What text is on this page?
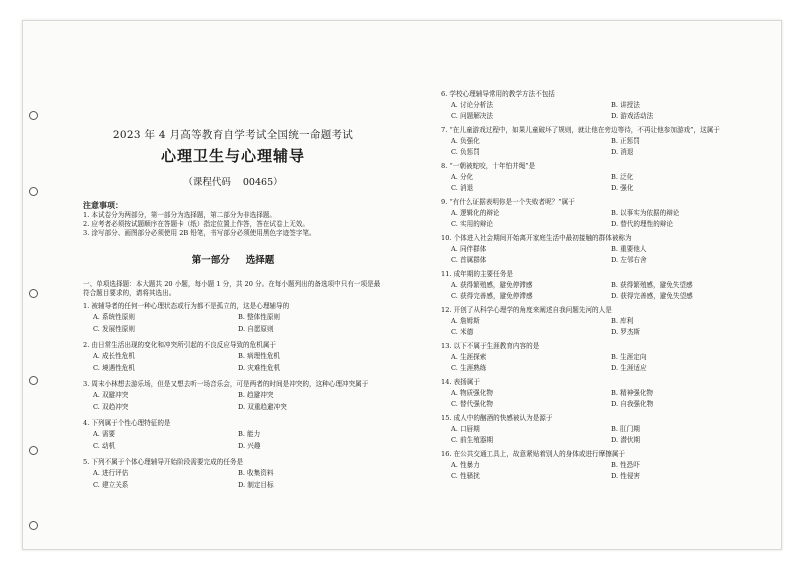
2023 年 4 月高等教育自学考试全国统一命题考试
心理卫生与心理辅导
（课程代码 00465）
注意事项：
1. 本试卷分为两部分，第一部分为选择题，第二部分为非选择题。
2. 应考者必须按试题顺序在答题卡（纸）指定位置上作答，答在试卷上无效。
3. 涂写部分、画图部分必须使用 2B 铅笔，书写部分必须使用黑色字迹签字笔。
第一部分 选择题
一、单项选择题：本大题共 20 小题，每小题 1 分，共 20 分。在每小题列出的备选项中只有一项是最符合题目要求的，请将其选出。
1. 被辅导者的任何一种心理状态或行为都不是孤立的，这是心理辅导的
A. 系统性原则	B. 整体性原则
C. 发展性原则	D. 自愿原则
2. 由日常生活出现的变化和冲突所引起的不良反应导致的危机属于
A. 成长性危机	B. 病理性危机
C. 境遇性危机	D. 灾难性危机
3. 周末小林想去游乐场，但是又想去听一场音乐会，可是两者的时间是冲突的，这种心理冲突属于
A. 双避冲突	B. 趋避冲突
C. 双趋冲突	D. 双重趋避冲突
4. 下列属于个性心理特征的是
A. 需要	B. 能力
C. 动机	D. 兴趣
5. 下列不属于个体心理辅导开始阶段需要完成的任务是
A. 进行评估	B. 收集资料
C. 建立关系	D. 制定目标
6. 学校心理辅导常用的教学方法不包括
A. 讨论分析法	B. 讲授法
C. 问题解决法	D. 游戏活动法
7. “在儿童游戏过程中，如果儿童破坏了规则，就让他在旁边等待，不再让他参加游戏”，这属于
A. 负强化	B. 正惩罚
C. 负惩罚	D. 消退
8. “一朝被蛇咬，十年怕井绳”是
A. 分化	B. 泛化
C. 消退	D. 强化
9. “有什么证据表明你是一个失败者呢？”属于
A. 逻辑化的辩论	B. 以事实为依据的辩论
C. 实用的辩论	D. 替代的理性的辩论
10. 个体进入社会期间开始离开家庭生活中最初接触的群体被称为
A. 同伴群体	B. 重要他人
C. 首属群体	D. 左邻右舍
11. 成年期的主要任务是
A. 获得繁殖感，避免停滞感	B. 获得繁殖感，避免失望感
C. 获得完善感，避免停滞感	D. 获得完善感，避免失望感
12. 开创了从科学心理学的角度来阐述自我问题先河的人是
A. 詹姆斯	B. 库利
C. 米德	D. 罗杰斯
13. 以下不属于生涯教育内容的是
A. 生涯探索	B. 生涯定向
C. 生涯熟练	D. 生涯适应
14. 表扬属于
A. 物质强化物	B. 精神强化物
C. 替代强化物	D. 自我强化物
15. 成人中的酗酒的快感被认为是源于
A. 口唇期	B. 肛门期
C. 前生殖器期	D. 潜伏期
16. 在公共交通工具上，故意紧贴着别人的身体或进行摩擦属于
A. 性暴力	B. 性恐吓
C. 性骚扰	D. 性侵害
